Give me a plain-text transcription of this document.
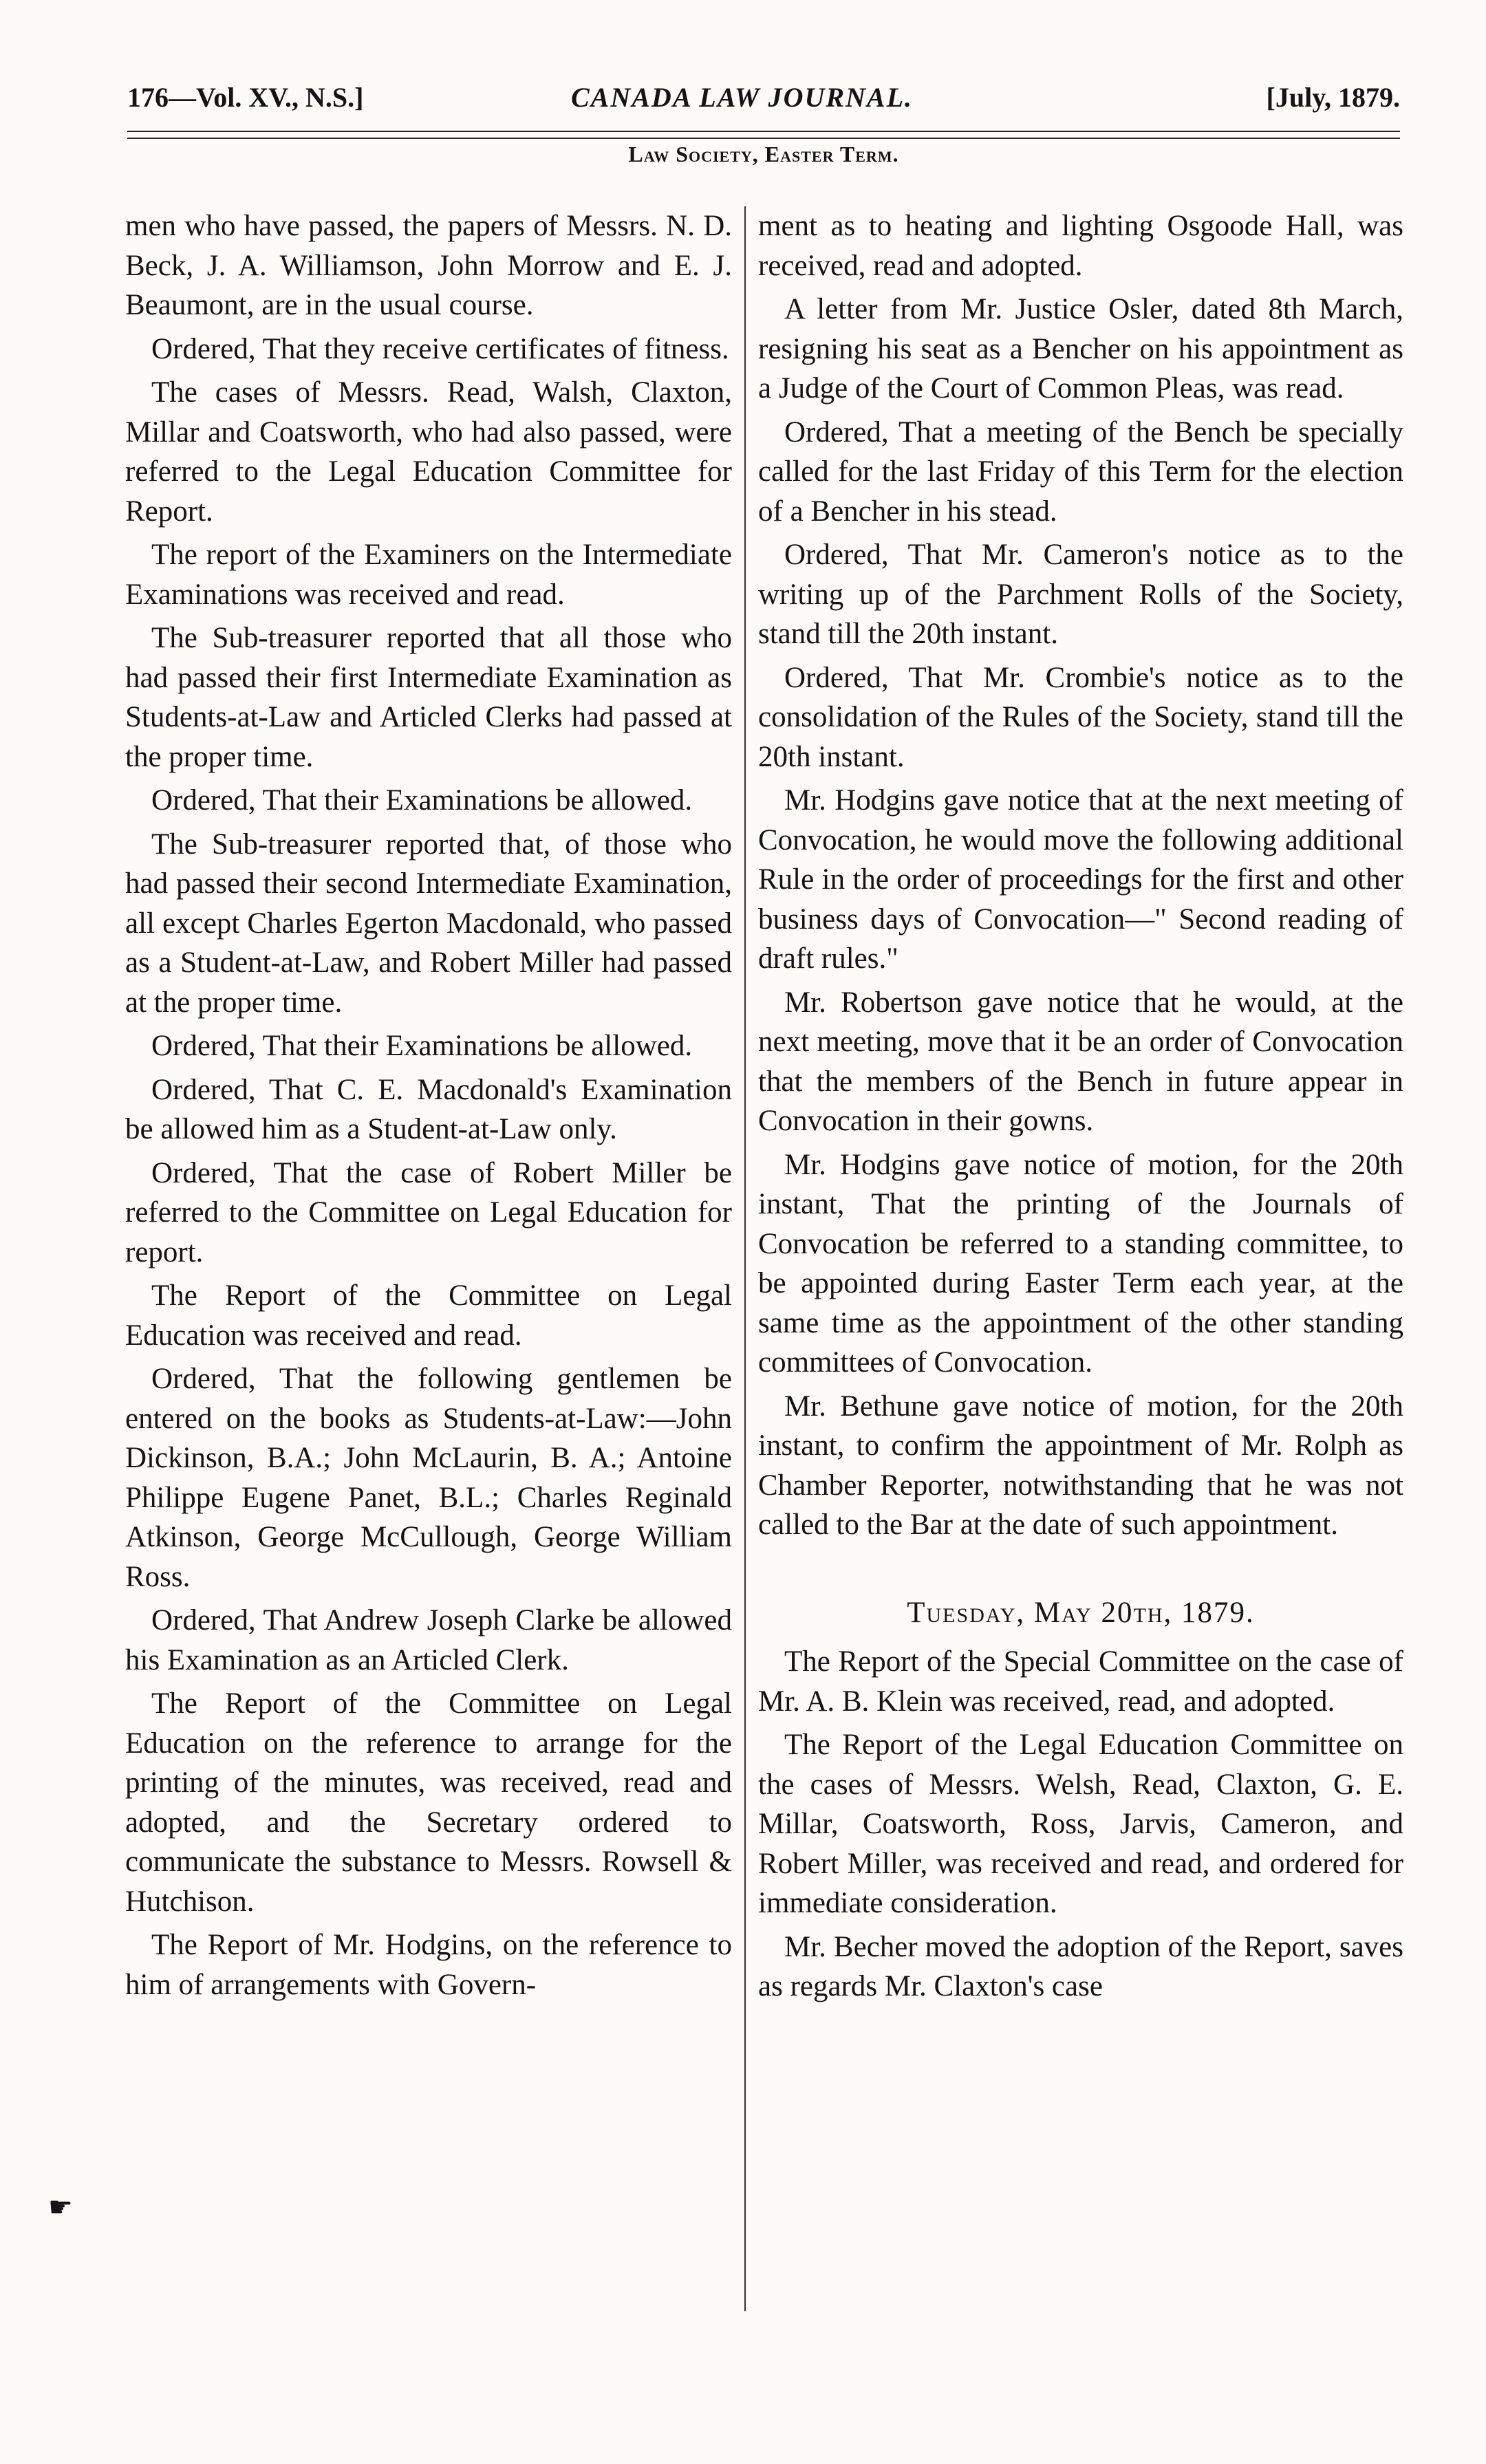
176—Vol. XV., N.S.]	CANADA LAW JOURNAL.	[July, 1879.
Law Society, Easter Term.

men who have passed, the papers of Messrs. N. D. Beck, J. A. Williamson, John Morrow and E. J. Beaumont, are in the usual course.

Ordered, That they receive certificates of fitness.

The cases of Messrs. Read, Walsh, Claxton, Millar and Coatsworth, who had also passed, were referred to the Legal Education Committee for Report.

The report of the Examiners on the Intermediate Examinations was received and read.

The Sub-treasurer reported that all those who had passed their first Intermediate Examination as Students-at-Law and Articled Clerks had passed at the proper time.

Ordered, That their Examinations be allowed.

The Sub-treasurer reported that, of those who had passed their second Intermediate Examination, all except Charles Egerton Macdonald, who passed as a Student-at-Law, and Robert Miller had passed at the proper time.

Ordered, That their Examinations be allowed.

Ordered, That C. E. Macdonald's Examination be allowed him as a Student-at-Law only.

Ordered, That the case of Robert Miller be referred to the Committee on Legal Education for report.

The Report of the Committee on Legal Education was received and read.

Ordered, That the following gentlemen be entered on the books as Students-at-Law:—John Dickinson, B.A.; John McLaurin, B. A.; Antoine Philippe Eugene Panet, B.L.; Charles Reginald Atkinson, George McCullough, George William Ross.

Ordered, That Andrew Joseph Clarke be allowed his Examination as an Articled Clerk.

The Report of the Committee on Legal Education on the reference to arrange for the printing of the minutes, was received, read and adopted, and the Secretary ordered to communicate the substance to Messrs. Rowsell & Hutchison.

The Report of Mr. Hodgins, on the reference to him of arrangements with Govern-

ment as to heating and lighting Osgoode Hall, was received, read and adopted.

A letter from Mr. Justice Osler, dated 8th March, resigning his seat as a Bencher on his appointment as a Judge of the Court of Common Pleas, was read.

Ordered, That a meeting of the Bench be specially called for the last Friday of this Term for the election of a Bencher in his stead.

Ordered, That Mr. Cameron's notice as to the writing up of the Parchment Rolls of the Society, stand till the 20th instant.

Ordered, That Mr. Crombie's notice as to the consolidation of the Rules of the Society, stand till the 20th instant.

Mr. Hodgins gave notice that at the next meeting of Convocation, he would move the following additional Rule in the order of proceedings for the first and other business days of Convocation—" Second reading of draft rules."

Mr. Robertson gave notice that he would, at the next meeting, move that it be an order of Convocation that the members of the Bench in future appear in Convocation in their gowns.

Mr. Hodgins gave notice of motion, for the 20th instant, That the printing of the Journals of Convocation be referred to a standing committee, to be appointed during Easter Term each year, at the same time as the appointment of the other standing committees of Convocation.

Mr. Bethune gave notice of motion, for the 20th instant, to confirm the appointment of Mr. Rolph as Chamber Reporter, notwithstanding that he was not called to the Bar at the date of such appointment.

Tuesday, May 20th, 1879.

The Report of the Special Committee on the case of Mr. A. B. Klein was received, read, and adopted.

The Report of the Legal Education Committee on the cases of Messrs. Welsh, Read, Claxton, G. E. Millar, Coatsworth, Ross, Jarvis, Cameron, and Robert Miller, was received and read, and ordered for immediate consideration.

Mr. Becher moved the adoption of the Report, saves as regards Mr. Claxton's case

☛
